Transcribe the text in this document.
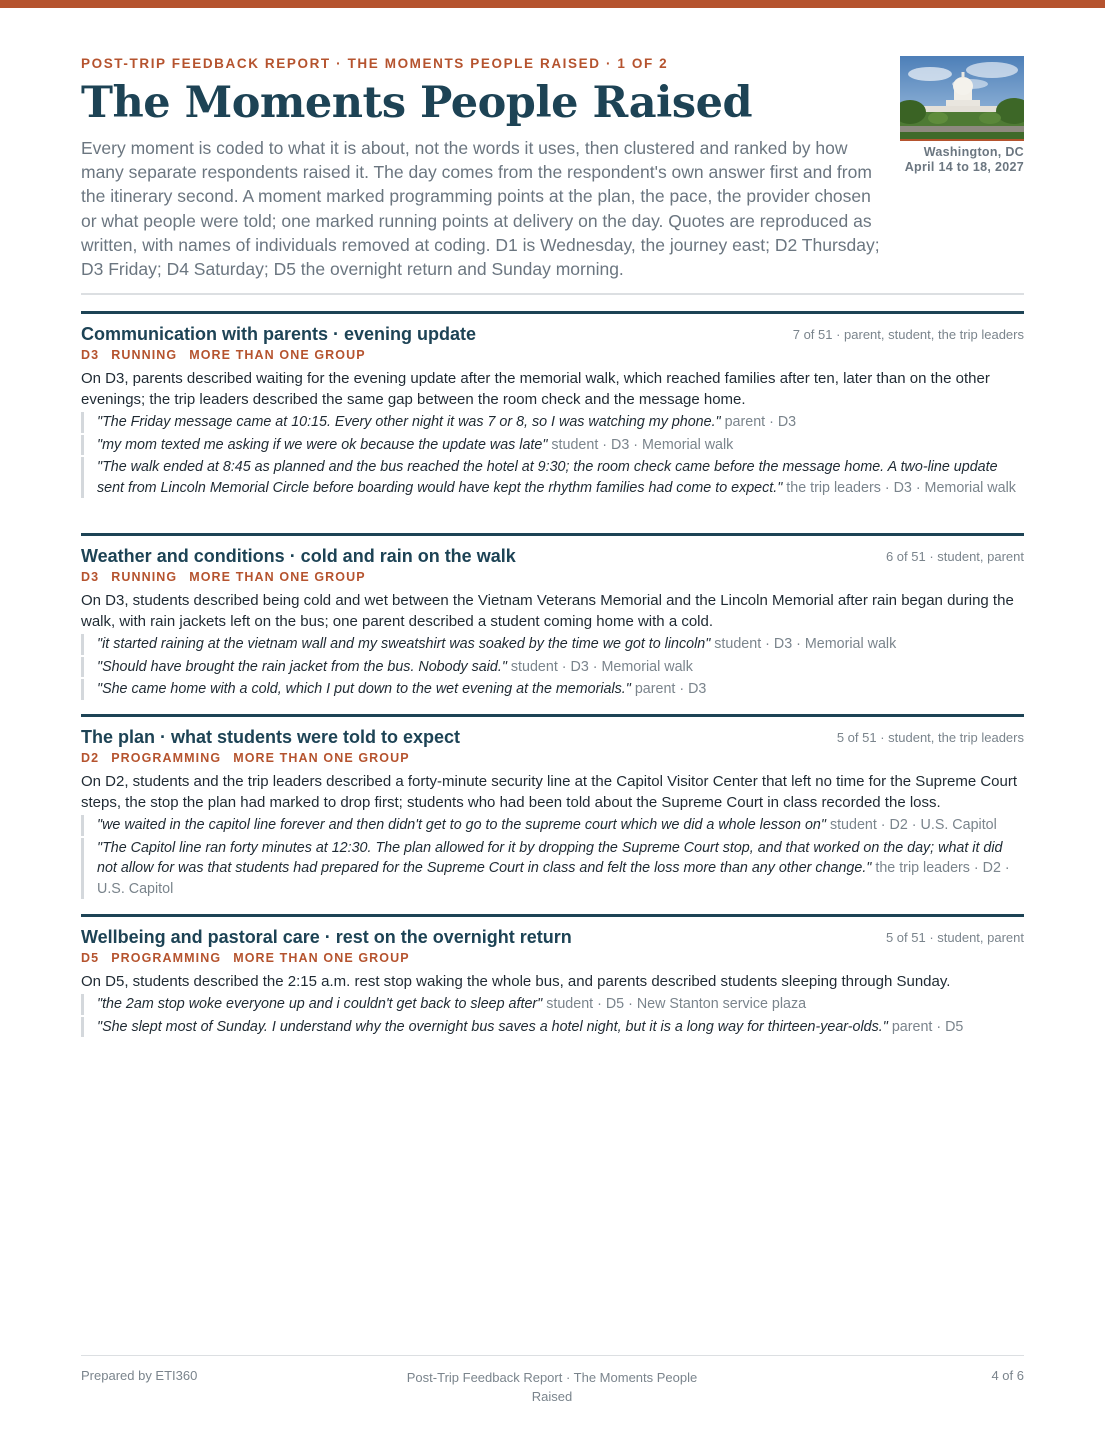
POST-TRIP FEEDBACK REPORT · THE MOMENTS PEOPLE RAISED · 1 OF 2
The Moments People Raised

Every moment is coded to what it is about, not the words it uses, then clustered and ranked by how many separate respondents raised it. The day comes from the respondent's own answer first and from the itinerary second. A moment marked programming points at the plan, the pace, the provider chosen or what people were told; one marked running points at delivery on the day. Quotes are reproduced as written, with names of individuals removed at coding. D1 is Wednesday, the journey east; D2 Thursday; D3 Friday; D4 Saturday; D5 the overnight return and Sunday morning.

Washington, DC
April 14 to 18, 2027
Communication with parents · evening update	7 of 51 · parent, student, the trip leaders
D3 RUNNING MORE THAN ONE GROUP

On D3, parents described waiting for the evening update after the memorial walk, which reached families after ten, later than on the other evenings; the trip leaders described the same gap between the room check and the message home.

"The Friday message came at 10:15. Every other night it was 7 or 8, so I was watching my phone." parent · D3
"my mom texted me asking if we were ok because the update was late" student · D3 · Memorial walk
"The walk ended at 8:45 as planned and the bus reached the hotel at 9:30; the room check came before the message home. A two-line update sent from Lincoln Memorial Circle before boarding would have kept the rhythm families had come to expect." the trip leaders · D3 · Memorial walk
Weather and conditions · cold and rain on the walk	6 of 51 · student, parent
D3 RUNNING MORE THAN ONE GROUP

On D3, students described being cold and wet between the Vietnam Veterans Memorial and the Lincoln Memorial after rain began during the walk, with rain jackets left on the bus; one parent described a student coming home with a cold.

"it started raining at the vietnam wall and my sweatshirt was soaked by the time we got to lincoln" student · D3 · Memorial walk
"Should have brought the rain jacket from the bus. Nobody said." student · D3 · Memorial walk
"She came home with a cold, which I put down to the wet evening at the memorials." parent · D3
The plan · what students were told to expect	5 of 51 · student, the trip leaders
D2 PROGRAMMING MORE THAN ONE GROUP

On D2, students and the trip leaders described a forty-minute security line at the Capitol Visitor Center that left no time for the Supreme Court steps, the stop the plan had marked to drop first; students who had been told about the Supreme Court in class recorded the loss.

"we waited in the capitol line forever and then didn't get to go to the supreme court which we did a whole lesson on" student · D2 · U.S. Capitol
"The Capitol line ran forty minutes at 12:30. The plan allowed for it by dropping the Supreme Court stop, and that worked on the day; what it did not allow for was that students had prepared for the Supreme Court in class and felt the loss more than any other change." the trip leaders · D2 · U.S. Capitol
Wellbeing and pastoral care · rest on the overnight return	5 of 51 · student, parent
D5 PROGRAMMING MORE THAN ONE GROUP

On D5, students described the 2:15 a.m. rest stop waking the whole bus, and parents described students sleeping through Sunday.

"the 2am stop woke everyone up and i couldn't get back to sleep after" student · D5 · New Stanton service plaza
"She slept most of Sunday. I understand why the overnight bus saves a hotel night, but it is a long way for thirteen-year-olds." parent · D5
Prepared by ETI360	Post-Trip Feedback Report · The Moments People Raised
4 of 6
